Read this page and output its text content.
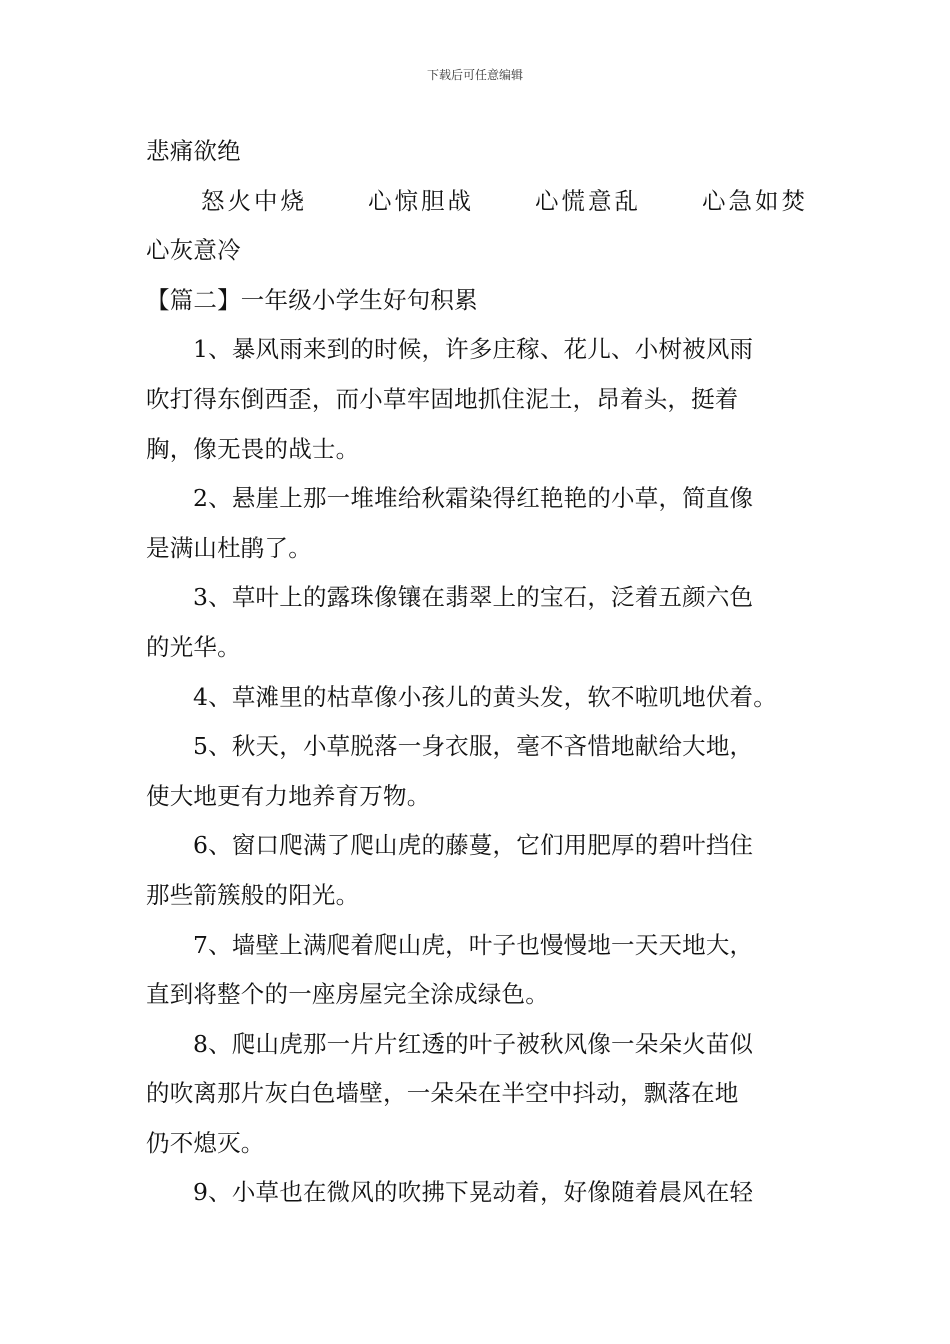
下载后可任意编辑
悲痛欲绝
怒火中烧	心惊胆战	心慌意乱	心急如焚
心灰意冷
【篇二】一年级小学生好句积累
1、暴风雨来到的时候，许多庄稼、花儿、小树被风雨
吹打得东倒西歪，而小草牢固地抓住泥土，昂着头，挺着
胸，像无畏的战士。
2、悬崖上那一堆堆给秋霜染得红艳艳的小草，简直像
是满山杜鹃了。
3、草叶上的露珠像镶在翡翠上的宝石，泛着五颜六色
的光华。
4、草滩里的枯草像小孩儿的黄头发，软不啦叽地伏着。
5、秋天，小草脱落一身衣服，毫不吝惜地献给大地，
使大地更有力地养育万物。
6、窗口爬满了爬山虎的藤蔓，它们用肥厚的碧叶挡住
那些箭簇般的阳光。
7、墙壁上满爬着爬山虎，叶子也慢慢地一天天地大，
直到将整个的一座房屋完全涂成绿色。
8、爬山虎那一片片红透的叶子被秋风像一朵朵火苗似
的吹离那片灰白色墙壁，一朵朵在半空中抖动，飘落在地
仍不熄灭。
9、小草也在微风的吹拂下晃动着，好像随着晨风在轻
